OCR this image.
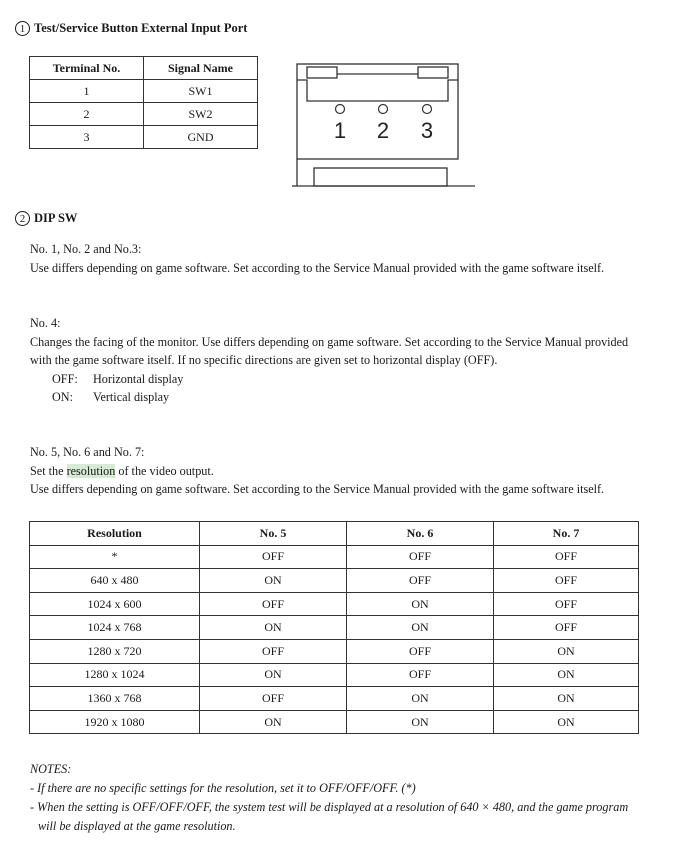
1 Test/Service Button External Input Port
Terminal No.	Signal Name
1	SW1
2	SW2
3	GND	1 2 3
2 DIP SW
No. 1, No. 2 and No.3:
Use differs depending on game software. Set according to the Service Manual provided with the game software itself.
No. 4:
Changes the facing of the monitor. Use differs depending on game software. Set according to the Service Manual provided
with the game software itself. If no specific directions are given set to horizontal display (OFF).
OFF:	Horizontal display
ON:	Vertical display
No. 5, No. 6 and No. 7:
Set the resolution of the video output.
Use differs depending on game software. Set according to the Service Manual provided with the game software itself.
Resolution	No. 5	No. 6	No. 7
*	OFF	OFF	OFF
640 x 480	ON	OFF	OFF
1024 x 600	OFF	ON	OFF
1024 x 768	ON	ON	OFF
1280 x 720	OFF	OFF	ON
1280 x 1024	ON	OFF	ON
1360 x 768	OFF	ON	ON
1920 x 1080	ON	ON	ON
NOTES:
- If there are no specific settings for the resolution, set it to OFF/OFF/OFF. (*)
- When the setting is OFF/OFF/OFF, the system test will be displayed at a resolution of 640 × 480, and the game program
will be displayed at the game resolution.
